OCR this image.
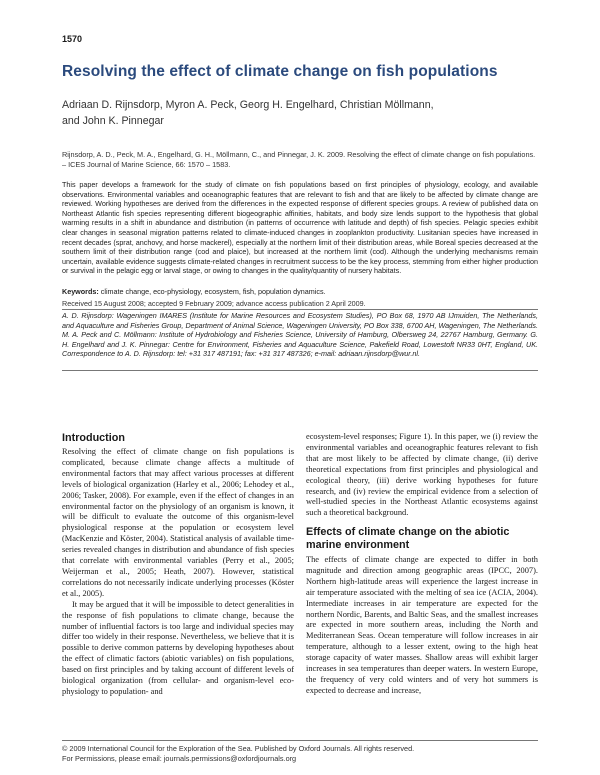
1570
Resolving the effect of climate change on fish populations
Adriaan D. Rijnsdorp, Myron A. Peck, Georg H. Engelhard, Christian Möllmann,
and John K. Pinnegar
Rijnsdorp, A. D., Peck, M. A., Engelhard, G. H., Möllmann, C., and Pinnegar, J. K. 2009. Resolving the effect of climate change on fish populations. – ICES Journal of Marine Science, 66: 1570 – 1583.
This paper develops a framework for the study of climate on fish populations based on first principles of physiology, ecology, and available observations. Environmental variables and oceanographic features that are relevant to fish and that are likely to be affected by climate change are reviewed. Working hypotheses are derived from the differences in the expected response of different species groups. A review of published data on Northeast Atlantic fish species representing different biogeographic affinities, habitats, and body size lends support to the hypothesis that global warming results in a shift in abundance and distribution (in patterns of occurrence with latitude and depth) of fish species. Pelagic species exhibit clear changes in seasonal migration patterns related to climate-induced changes in zooplankton productivity. Lusitanian species have increased in recent decades (sprat, anchovy, and horse mackerel), especially at the northern limit of their distribution areas, while Boreal species decreased at the southern limit of their distribution range (cod and plaice), but increased at the northern limit (cod). Although the underlying mechanisms remain uncertain, available evidence suggests climate-related changes in recruitment success to be the key process, stemming from either higher production or survival in the pelagic egg or larval stage, or owing to changes in the quality/quantity of nursery habitats.
Keywords: climate change, eco-physiology, ecosystem, fish, population dynamics.
Received 15 August 2008; accepted 9 February 2009; advance access publication 2 April 2009.
A. D. Rijnsdorp: Wageningen IMARES (Institute for Marine Resources and Ecosystem Studies), PO Box 68, 1970 AB IJmuiden, The Netherlands, and Aquaculture and Fisheries Group, Department of Animal Science, Wageningen University, PO Box 338, 6700 AH, Wageningen, The Netherlands. M. A. Peck and C. Möllmann: Institute of Hydrobiology and Fisheries Science, University of Hamburg, Olbersweg 24, 22767 Hamburg, Germany. G. H. Engelhard and J. K. Pinnegar: Centre for Environment, Fisheries and Aquaculture Science, Pakefield Road, Lowestoft NR33 0HT, England, UK. Correspondence to A. D. Rijnsdorp: tel: +31 317 487191; fax: +31 317 487326; e-mail: adriaan.rijnsdorp@wur.nl.
Introduction

Resolving the effect of climate change on fish populations is complicated, because climate change affects a multitude of environmental factors that may affect various processes at different levels of biological organization (Harley et al., 2006; Lehodey et al., 2006; Tasker, 2008). For example, even if the effect of changes in an environmental factor on the physiology of an organism is known, it will be difficult to evaluate the outcome of this organism-level physiological response at the population or ecosystem level (MacKenzie and Köster, 2004). Statistical analysis of available time-series revealed changes in distribution and abundance of fish species that correlate with environmental variables (Perry et al., 2005; Weijerman et al., 2005; Heath, 2007). However, statistical correlations do not necessarily indicate underlying processes (Köster et al., 2005).

It may be argued that it will be impossible to detect generalities in the response of fish populations to climate change, because the number of influential factors is too large and individual species may differ too widely in their response. Nevertheless, we believe that it is possible to derive common patterns by developing hypotheses about the effect of climatic factors (abiotic variables) on fish populations, based on first principles and by taking account of different levels of biological organization (from cellular- and organism-level eco-physiology to population- and

ecosystem-level responses; Figure 1). In this paper, we (i) review the environmental variables and oceanographic features relevant to fish that are most likely to be affected by climate change, (ii) derive theoretical expectations from first principles and physiological and ecological theory, (iii) derive working hypotheses for future research, and (iv) review the empirical evidence from a selection of well-studied species in the Northeast Atlantic ecosystems against such a theoretical background.

Effects of climate change on the abiotic marine environment

The effects of climate change are expected to differ in both magnitude and direction among geographic areas (IPCC, 2007). Northern high-latitude areas will experience the largest increase in air temperature associated with the melting of sea ice (ACIA, 2004). Intermediate increases in air temperature are expected for the northern Nordic, Barents, and Baltic Seas, and the smallest increases are expected in more southern areas, including the North and Mediterranean Seas. Ocean temperature will follow increases in air temperature, although to a lesser extent, owing to the high heat storage capacity of water masses. Shallow areas will exhibit larger increases in sea temperatures than deeper waters. In western Europe, the frequency of very cold winters and of very hot summers is expected to decrease and increase,

© 2009 International Council for the Exploration of the Sea. Published by Oxford Journals. All rights reserved.
For Permissions, please email: journals.permissions@oxfordjournals.org
